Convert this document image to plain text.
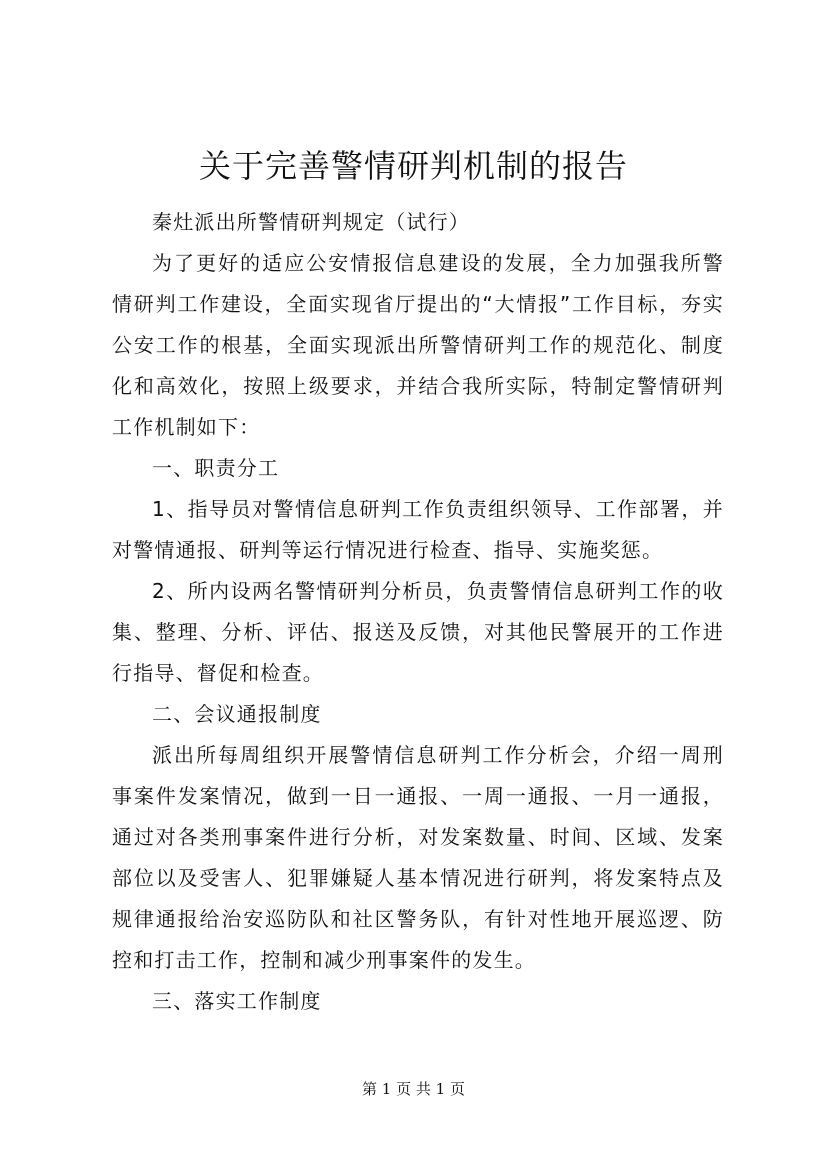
关于完善警情研判机制的报告

秦灶派出所警情研判规定（试行）

为了更好的适应公安情报信息建设的发展，全力加强我所警情研判工作建设，全面实现省厅提出的“大情报”工作目标，夯实公安工作的根基，全面实现派出所警情研判工作的规范化、制度化和高效化，按照上级要求，并结合我所实际，特制定警情研判工作机制如下：

一、职责分工

1、指导员对警情信息研判工作负责组织领导、工作部署，并对警情通报、研判等运行情况进行检查、指导、实施奖惩。

2、所内设两名警情研判分析员，负责警情信息研判工作的收集、整理、分析、评估、报送及反馈，对其他民警展开的工作进行指导、督促和检查。

二、会议通报制度

派出所每周组织开展警情信息研判工作分析会，介绍一周刑事案件发案情况，做到一日一通报、一周一通报、一月一通报，通过对各类刑事案件进行分析，对发案数量、时间、区域、发案部位以及受害人、犯罪嫌疑人基本情况进行研判，将发案特点及规律通报给治安巡防队和社区警务队，有针对性地开展巡逻、防控和打击工作，控制和减少刑事案件的发生。

三、落实工作制度

第 1 页 共 1 页
